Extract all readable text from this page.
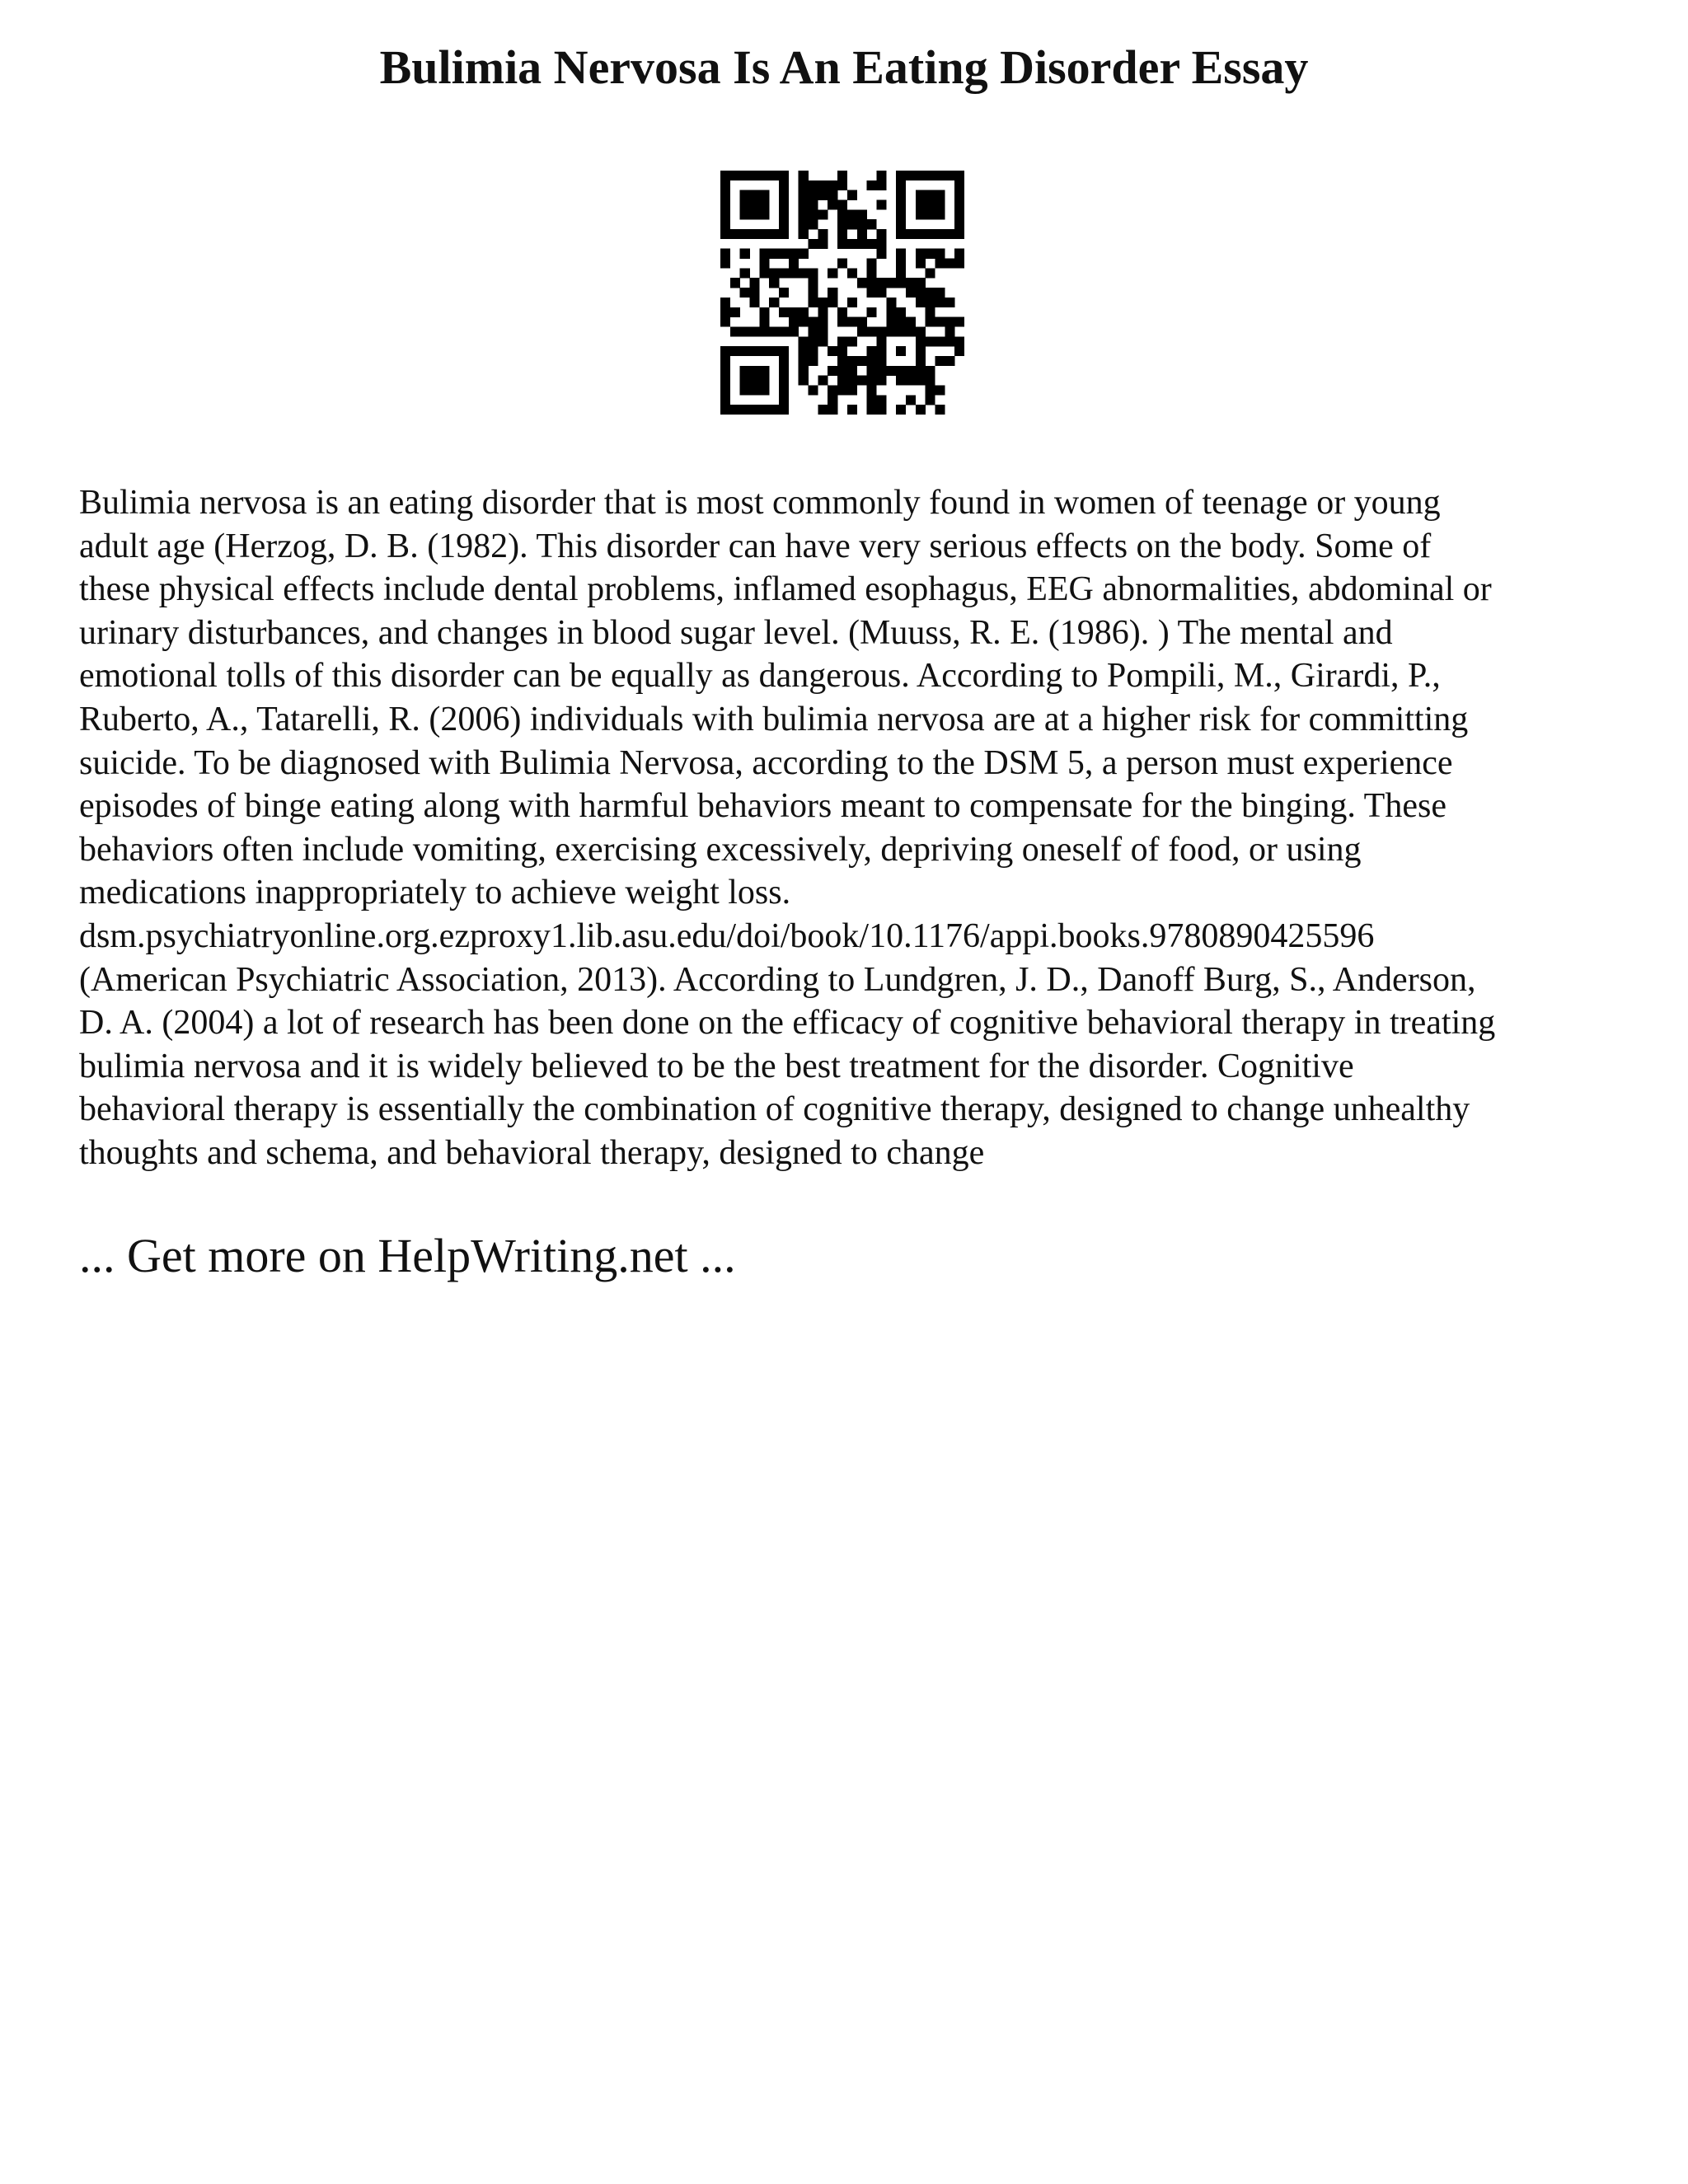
Bulimia Nervosa Is An Eating Disorder Essay
Bulimia nervosa is an eating disorder that is most commonly found in women of teenage or young
adult age (Herzog, D. B. (1982). This disorder can have very serious effects on the body. Some of
these physical effects include dental problems, inflamed esophagus, EEG abnormalities, abdominal or
urinary disturbances, and changes in blood sugar level. (Muuss, R. E. (1986). ) The mental and
emotional tolls of this disorder can be equally as dangerous. According to Pompili, M., Girardi, P.,
Ruberto, A., Tatarelli, R. (2006) individuals with bulimia nervosa are at a higher risk for committing
suicide. To be diagnosed with Bulimia Nervosa, according to the DSM 5, a person must experience
episodes of binge eating along with harmful behaviors meant to compensate for the binging. These
behaviors often include vomiting, exercising excessively, depriving oneself of food, or using
medications inappropriately to achieve weight loss.
dsm.psychiatryonline.org.ezproxy1.lib.asu.edu/doi/book/10.1176/appi.books.9780890425596
(American Psychiatric Association, 2013). According to Lundgren, J. D., Danoff Burg, S., Anderson,
D. A. (2004) a lot of research has been done on the efficacy of cognitive behavioral therapy in treating
bulimia nervosa and it is widely believed to be the best treatment for the disorder. Cognitive
behavioral therapy is essentially the combination of cognitive therapy, designed to change unhealthy
thoughts and schema, and behavioral therapy, designed to change

... Get more on HelpWriting.net ...
